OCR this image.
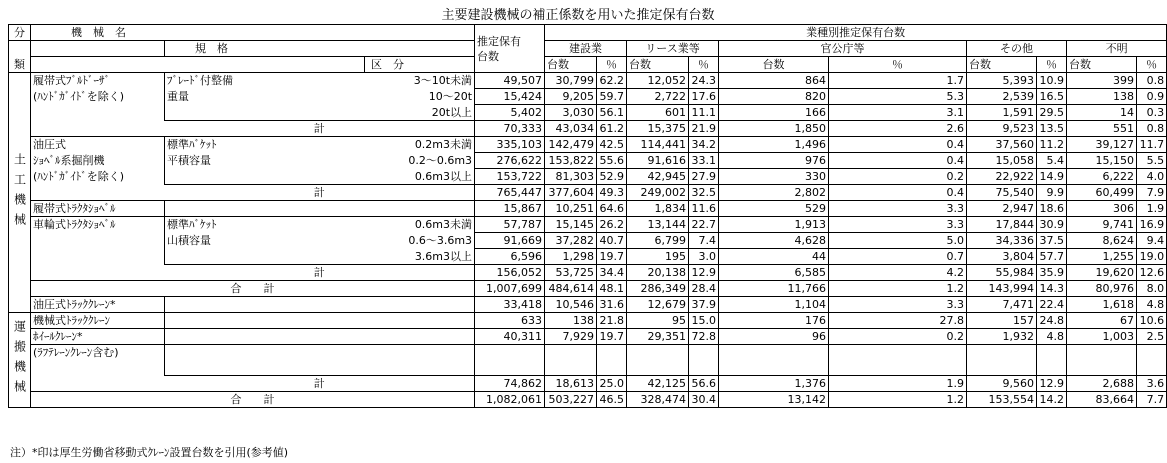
主要建設機械の補正係数を用いた推定保有台数
分	機　械　名			推定保有
台数	業種別推定保有台数									
類		規　格			建設業		リース業等		官公庁等		その他		不明	
			区　分		台数	％	台数	％	台数	％	台数	％	台数	％
土工機械	履帯式ﾌﾞﾙﾄﾞｰｻﾞ	ﾌﾞﾚｰﾄﾞ付整備	3～10t未満	49,507	30,799	62.2	12,052	24.3	864	1.7	5,393	10.9	399	0.8
	(ﾊﾝﾄﾞｶﾞｲﾄﾞを除く)	重量	10～20t	15,424	9,205	59.7	2,722	17.6	820	5.3	2,539	16.5	138	0.9
			20t以上	5,402	3,030	56.1	601	11.1	166	3.1	1,591	29.5	14	0.3
		計		70,333	43,034	61.2	15,375	21.9	1,850	2.6	9,523	13.5	551	0.8
	油圧式	標準ﾊﾞｹｯﾄ	0.2m3未満	335,103	142,479	42.5	114,441	34.2	1,496	0.4	37,560	11.2	39,127	11.7
	ｼｮﾍﾞﾙ系掘削機	平積容量	0.2～0.6m3	276,622	153,822	55.6	91,616	33.1	976	0.4	15,058	5.4	15,150	5.5
	(ﾊﾝﾄﾞｶﾞｲﾄﾞを除く)		0.6m3以上	153,722	81,303	52.9	42,945	27.9	330	0.2	22,922	14.9	6,222	4.0
		計		765,447	377,604	49.3	249,002	32.5	2,802	0.4	75,540	9.9	60,499	7.9
	履帯式ﾄﾗｸﾀｼｮﾍﾞﾙ			15,867	10,251	64.6	1,834	11.6	529	3.3	2,947	18.6	306	1.9
	車輪式ﾄﾗｸﾀｼｮﾍﾞﾙ	標準ﾊﾞｹｯﾄ	0.6m3未満	57,787	15,145	26.2	13,144	22.7	1,913	3.3	17,844	30.9	9,741	16.9
		山積容量	0.6～3.6m3	91,669	37,282	40.7	6,799	7.4	4,628	5.0	34,336	37.5	8,624	9.4
			3.6m3以上	6,596	1,298	19.7	195	3.0	44	0.7	3,804	57.7	1,255	19.0
		計		156,052	53,725	34.4	20,138	12.9	6,585	4.2	55,984	35.9	19,620	12.6
	合　　計			1,007,699	484,614	48.1	286,349	28.4	11,766	1.2	143,994	14.3	80,976	8.0
	油圧式ﾄﾗｯｸｸﾚｰﾝ*			33,418	10,546	31.6	12,679	37.9	1,104	3.3	7,471	22.4	1,618	4.8
運搬機械	機械式ﾄﾗｯｸｸﾚｰﾝ			633	138	21.8	95	15.0	176	27.8	157	24.8	67	10.6
	ﾎｲｰﾙｸﾚｰﾝ*			40,311	7,929	19.7	29,351	72.8	96	0.2	1,932	4.8	1,003	2.5
	(ﾗﾌﾃﾚｰﾝｸﾚｰﾝ含む)													

		計		74,862	18,613	25.0	42,125	56.6	1,376	1.9	9,560	12.9	2,688	3.6
	合　　計			1,082,061	503,227	46.5	328,474	30.4	13,142	1.2	153,554	14.2	83,664	7.7
注）*印は厚生労働省移動式ｸﾚｰﾝ設置台数を引用(参考値)
